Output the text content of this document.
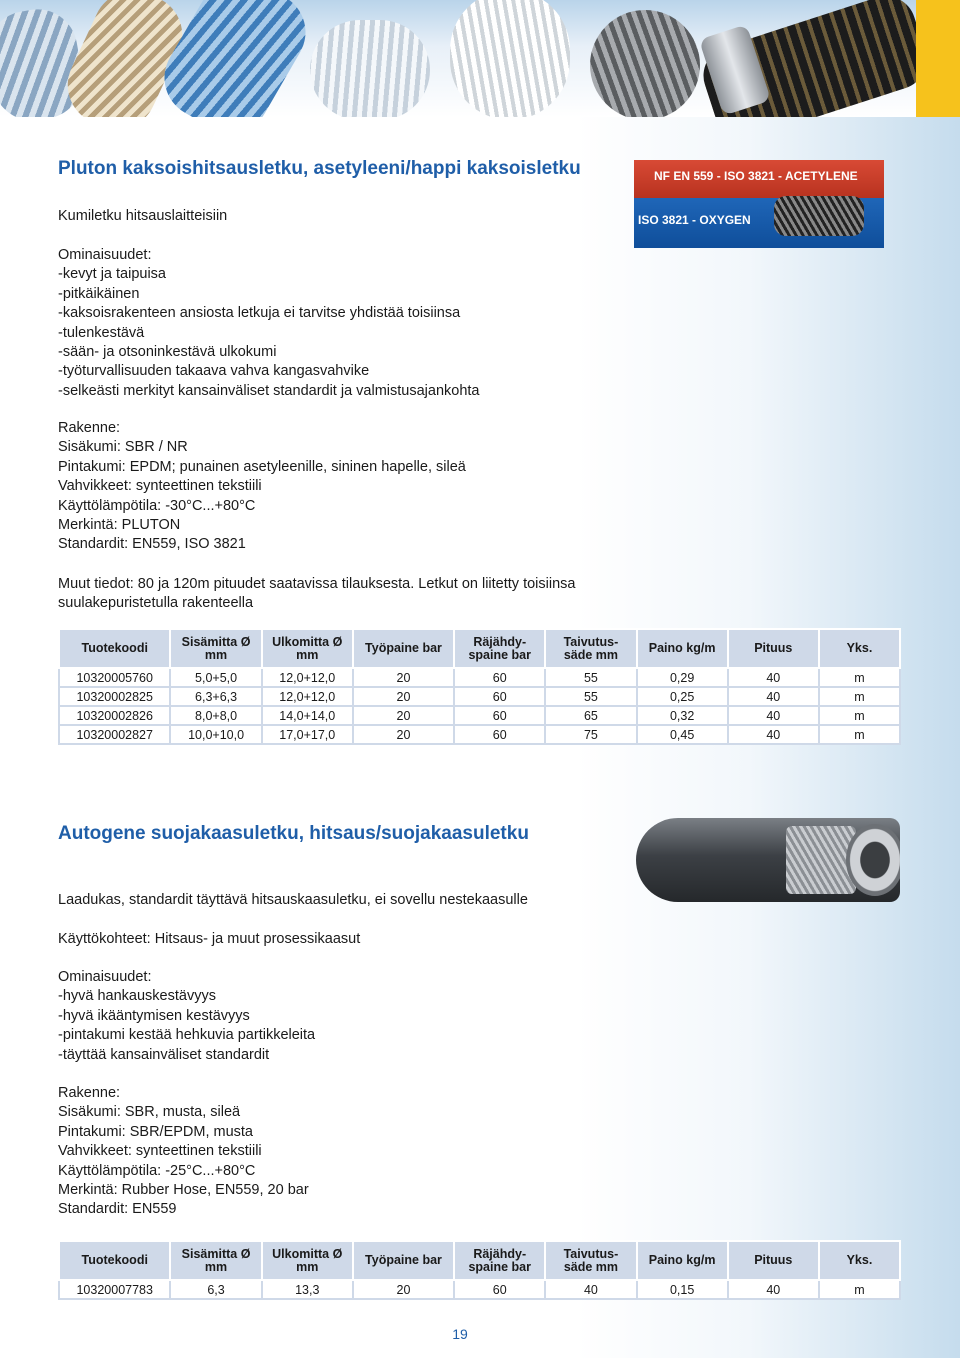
Pluton kaksoishitsausletku, asetyleeni/happi kaksoisletku	NF EN 559 - ISO 3821 - ACETYLENE
ISO 3821 - OXYGEN
Kumiletku hitsauslaitteisiin
Ominaisuudet:
-kevyt ja taipuisa
-pitkäikäinen
-kaksoisrakenteen ansiosta letkuja ei tarvitse yhdistää toisiinsa
-tulenkestävä
-sään- ja otsoninkestävä ulkokumi
-työturvallisuuden takaava vahva kangasvahvike
-selkeästi merkityt kansainväliset standardit ja valmistusajankohta
Rakenne:
Sisäkumi: SBR / NR
Pintakumi: EPDM; punainen asetyleenille, sininen hapelle, sileä
Vahvikkeet: synteettinen tekstiili
Käyttölämpötila: -30°C...+80°C
Merkintä: PLUTON
Standardit: EN559, ISO 3821
Muut tiedot: 80 ja 120m pituudet saatavissa tilauksesta. Letkut on liitetty toisiinsa suulakepuristetulla rakenteella
Tuotekoodi	Sisämitta Ø mm	Ulkomitta Ø mm	Työpaine bar	Räjähdy-spaine bar	Taivutus-säde mm	Paino kg/m	Pituus	Yks.
10320005760	5,0+5,0	12,0+12,0	20	60	55	0,29	40	m
10320002825	6,3+6,3	12,0+12,0	20	60	55	0,25	40	m
10320002826	8,0+8,0	14,0+14,0	20	60	65	0,32	40	m
10320002827	10,0+10,0	17,0+17,0	20	60	75	0,45	40	m
Autogene suojakaasuletku, hitsaus/suojakaasuletku
Laadukas, standardit täyttävä hitsauskaasuletku, ei sovellu nestekaasulle
Käyttökohteet: Hitsaus- ja muut prosessikaasut
Ominaisuudet:
-hyvä hankauskestävyys
-hyvä ikääntymisen kestävyys
-pintakumi kestää hehkuvia partikkeleita
-täyttää kansainväliset standardit
Rakenne:
Sisäkumi: SBR, musta, sileä
Pintakumi: SBR/EPDM, musta
Vahvikkeet: synteettinen tekstiili
Käyttölämpötila: -25°C...+80°C
Merkintä: Rubber Hose, EN559, 20 bar
Standardit: EN559
Tuotekoodi	Sisämitta Ø mm	Ulkomitta Ø mm	Työpaine bar	Räjähdy-spaine bar	Taivutus-säde mm	Paino kg/m	Pituus	Yks.
10320007783	6,3	13,3	20	60	40	0,15	40	m
19
